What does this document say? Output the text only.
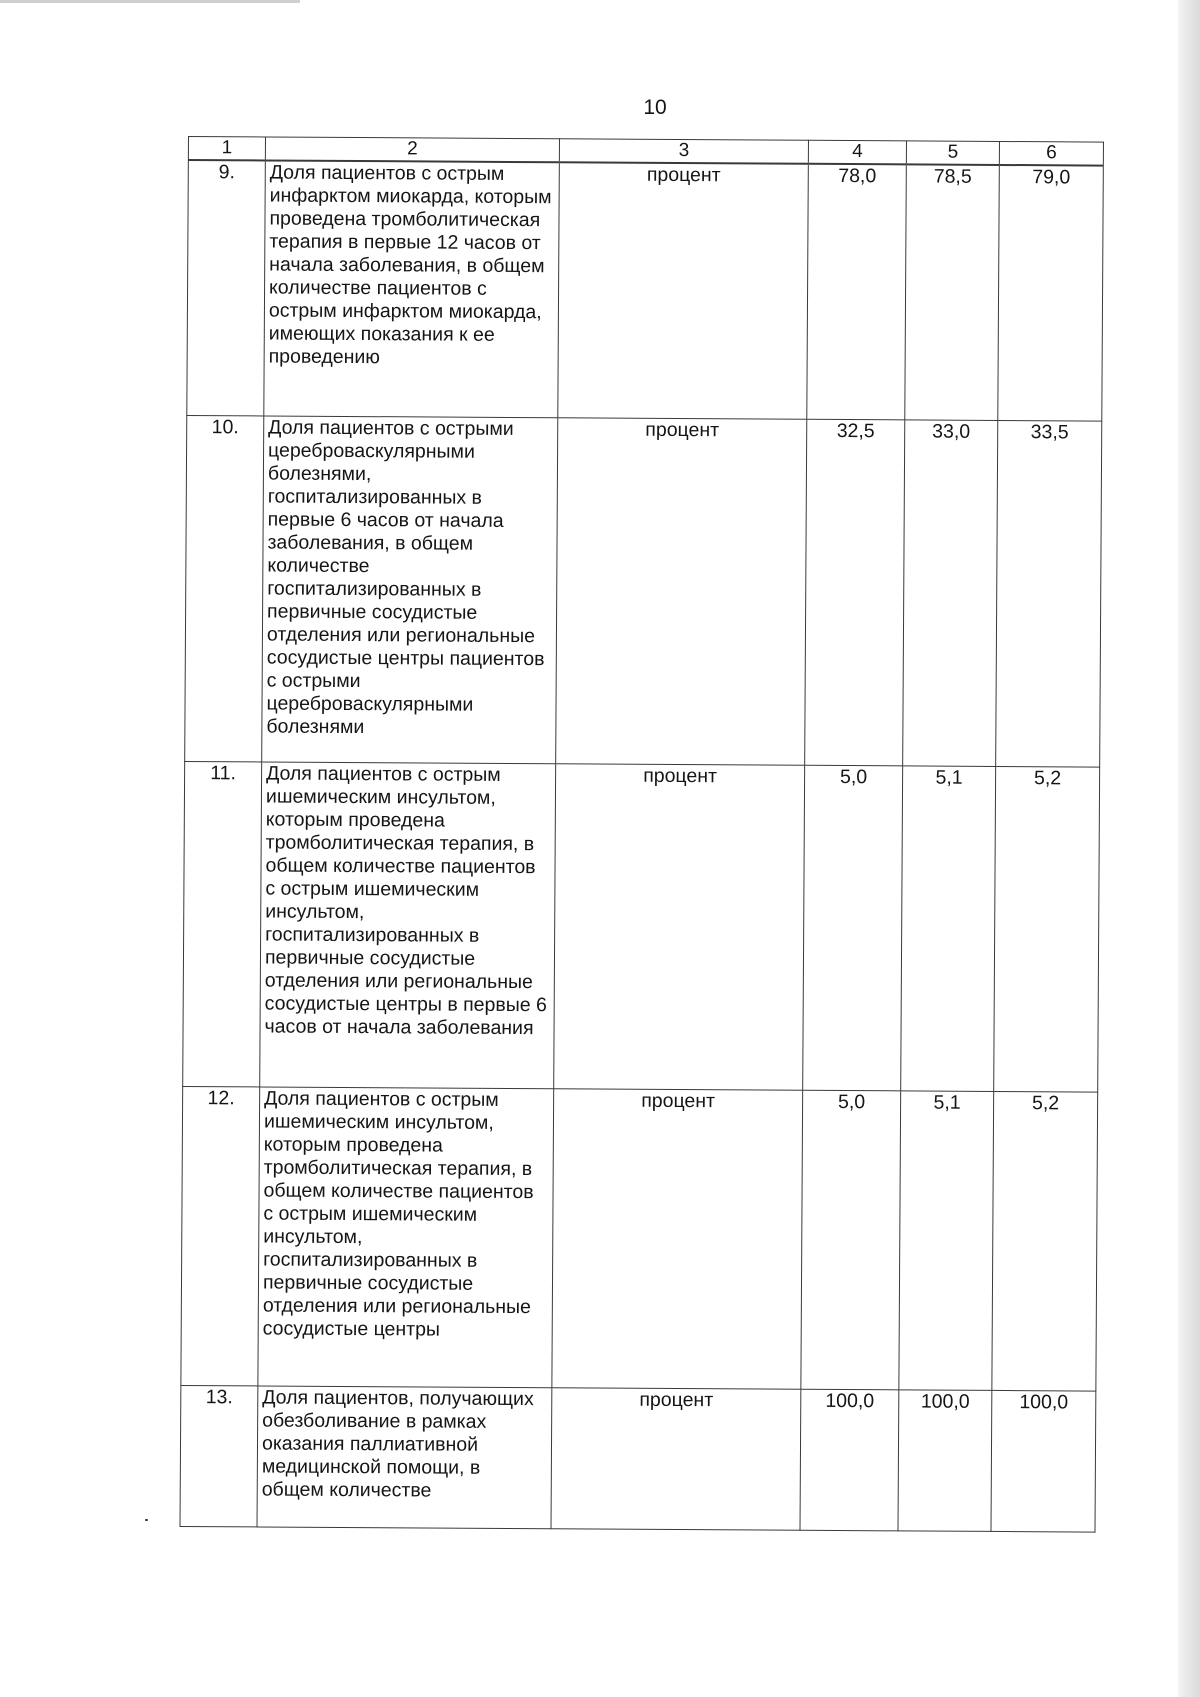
10
1	2	3	4	5	6
9.	Доля пациентов с острым инфарктом миокарда, которым проведена тромболитическая терапия в первые 12 часов от начала заболевания, в общем количестве пациентов с острым инфарктом миокарда, имеющих показания к ее проведению	процент	78,0	78,5	79,0
10.	Доля пациентов с острыми цереброваскулярными болезнями, госпитализированных в первые 6 часов от начала заболевания, в общем количестве госпитализированных в первичные сосудистые отделения или региональные сосудистые центры пациентов с острыми цереброваскулярными болезнями	процент	32,5	33,0	33,5
11.	Доля пациентов с острым ишемическим инсультом, которым проведена тромболитическая терапия, в общем количестве пациентов с острым ишемическим инсультом, госпитализированных в первичные сосудистые отделения или региональные сосудистые центры в первые 6 часов от начала заболевания	процент	5,0	5,1	5,2
12.	Доля пациентов с острым ишемическим инсультом, которым проведена тромболитическая терапия, в общем количестве пациентов с острым ишемическим инсультом, госпитализированных в первичные сосудистые отделения или региональные сосудистые центры	процент	5,0	5,1	5,2
13.	Доля пациентов, получающих обезболивание в рамках оказания паллиативной медицинской помощи, в общем количестве	процент	100,0	100,0	100,0
